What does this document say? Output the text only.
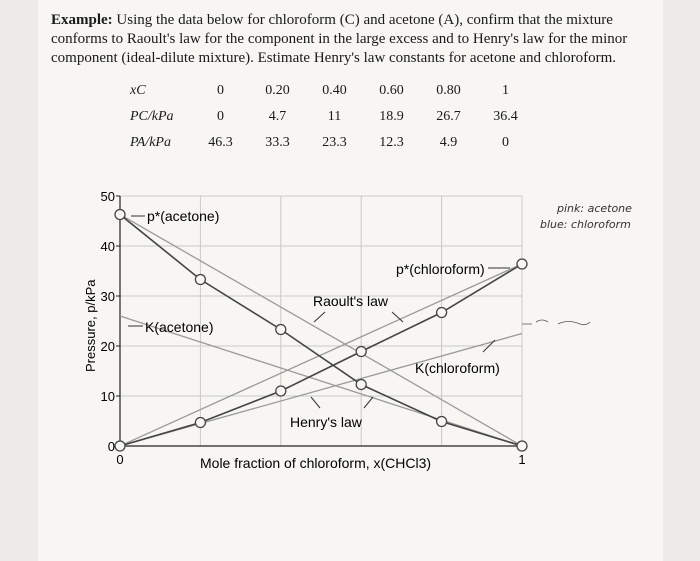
Example: Using the data below for chloroform (C) and acetone (A), confirm that the mixture conforms to Raoult's law for the component in the large excess and to Henry's law for the minor component (ideal-dilute mixture). Estimate Henry's law constants for acetone and chloroform.

xC	0	0.20	0.40	0.60	0.80	1
PC/kPa	0	4.7	11	18.9	26.7	36.4
PA/kPa	46.3	33.3	23.3	12.3	4.9	0
0
10
20
30
40
50
0	1
p*(acetone)
p*(chloroform)
Raoult's law
K(acetone)
K(chloroform)
Henry's law
Mole fraction of chloroform, x(CHCl3)
Pressure, p/kPa
pink: acetone
blue: chloroform
